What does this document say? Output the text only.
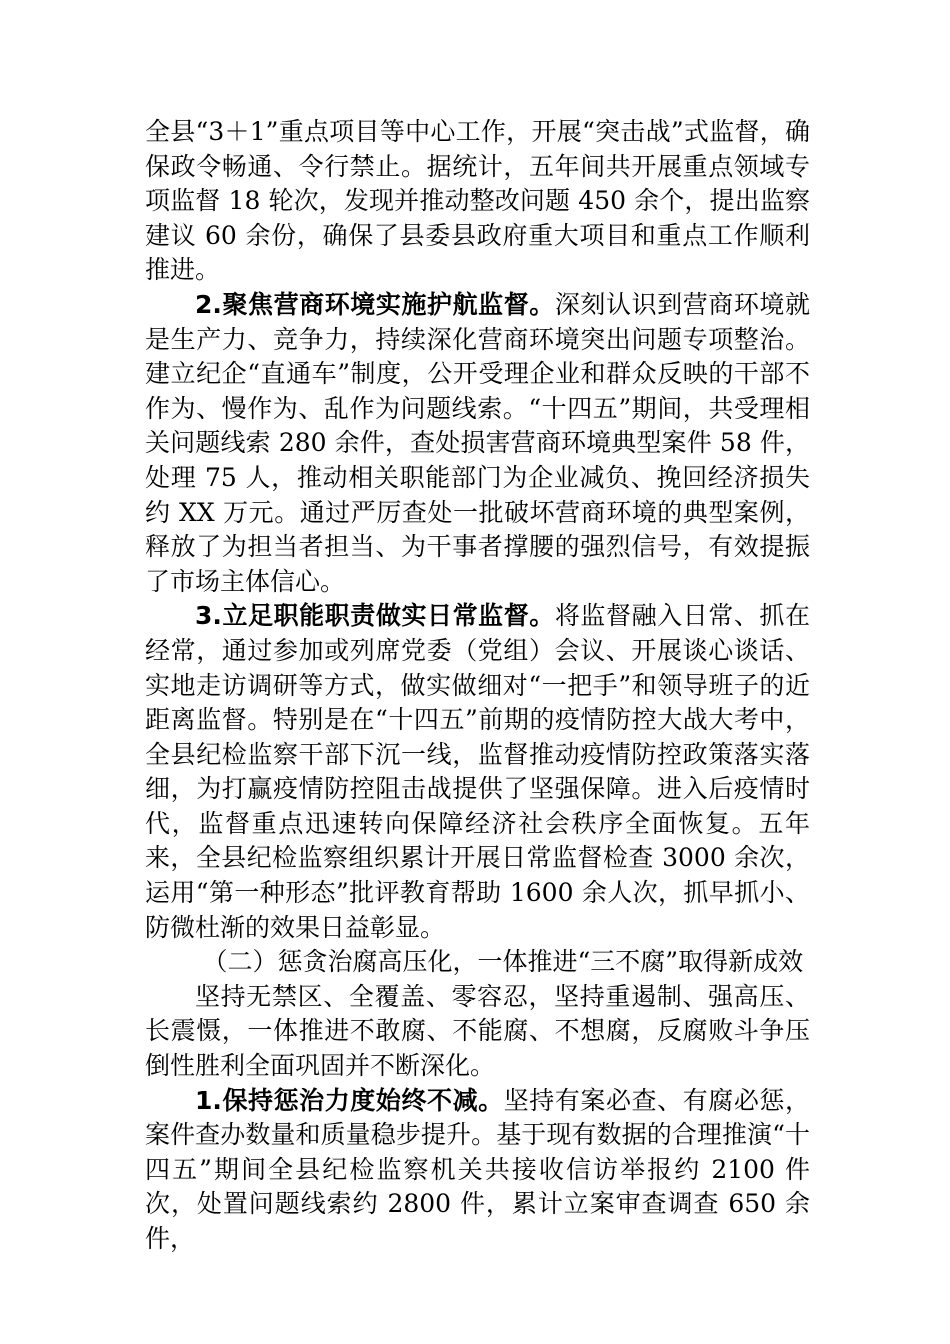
全县“3＋1”重点项目等中心工作，开展“突击战”式监督，确保政令畅通、令行禁止。据统计，五年间共开展重点领域专项监督 18 轮次，发现并推动整改问题 450 余个，提出监察建议 60 余份，确保了县委县政府重大项目和重点工作顺利推进。

2.聚焦营商环境实施护航监督。深刻认识到营商环境就是生产力、竞争力，持续深化营商环境突出问题专项整治。建立纪企“直通车”制度，公开受理企业和群众反映的干部不作为、慢作为、乱作为问题线索。“十四五”期间，共受理相关问题线索 280 余件，查处损害营商环境典型案件 58 件，处理 75 人，推动相关职能部门为企业减负、挽回经济损失约 XX 万元。通过严厉查处一批破坏营商环境的典型案例，释放了为担当者担当、为干事者撑腰的强烈信号，有效提振了市场主体信心。

3.立足职能职责做实日常监督。将监督融入日常、抓在经常，通过参加或列席党委（党组）会议、开展谈心谈话、实地走访调研等方式，做实做细对“一把手”和领导班子的近距离监督。特别是在“十四五”前期的疫情防控大战大考中，全县纪检监察干部下沉一线，监督推动疫情防控政策落实落细，为打赢疫情防控阻击战提供了坚强保障。进入后疫情时代，监督重点迅速转向保障经济社会秩序全面恢复。五年来，全县纪检监察组织累计开展日常监督检查 3000 余次，运用“第一种形态”批评教育帮助 1600 余人次，抓早抓小、防微杜渐的效果日益彰显。

（二）惩贪治腐高压化，一体推进“三不腐”取得新成效

坚持无禁区、全覆盖、零容忍，坚持重遏制、强高压、长震慑，一体推进不敢腐、不能腐、不想腐，反腐败斗争压倒性胜利全面巩固并不断深化。

1.保持惩治力度始终不减。坚持有案必查、有腐必惩，案件查办数量和质量稳步提升。基于现有数据的合理推演“十四五”期间全县纪检监察机关共接收信访举报约 2100 件次，处置问题线索约 2800 件，累计立案审查调查 650 余件，
